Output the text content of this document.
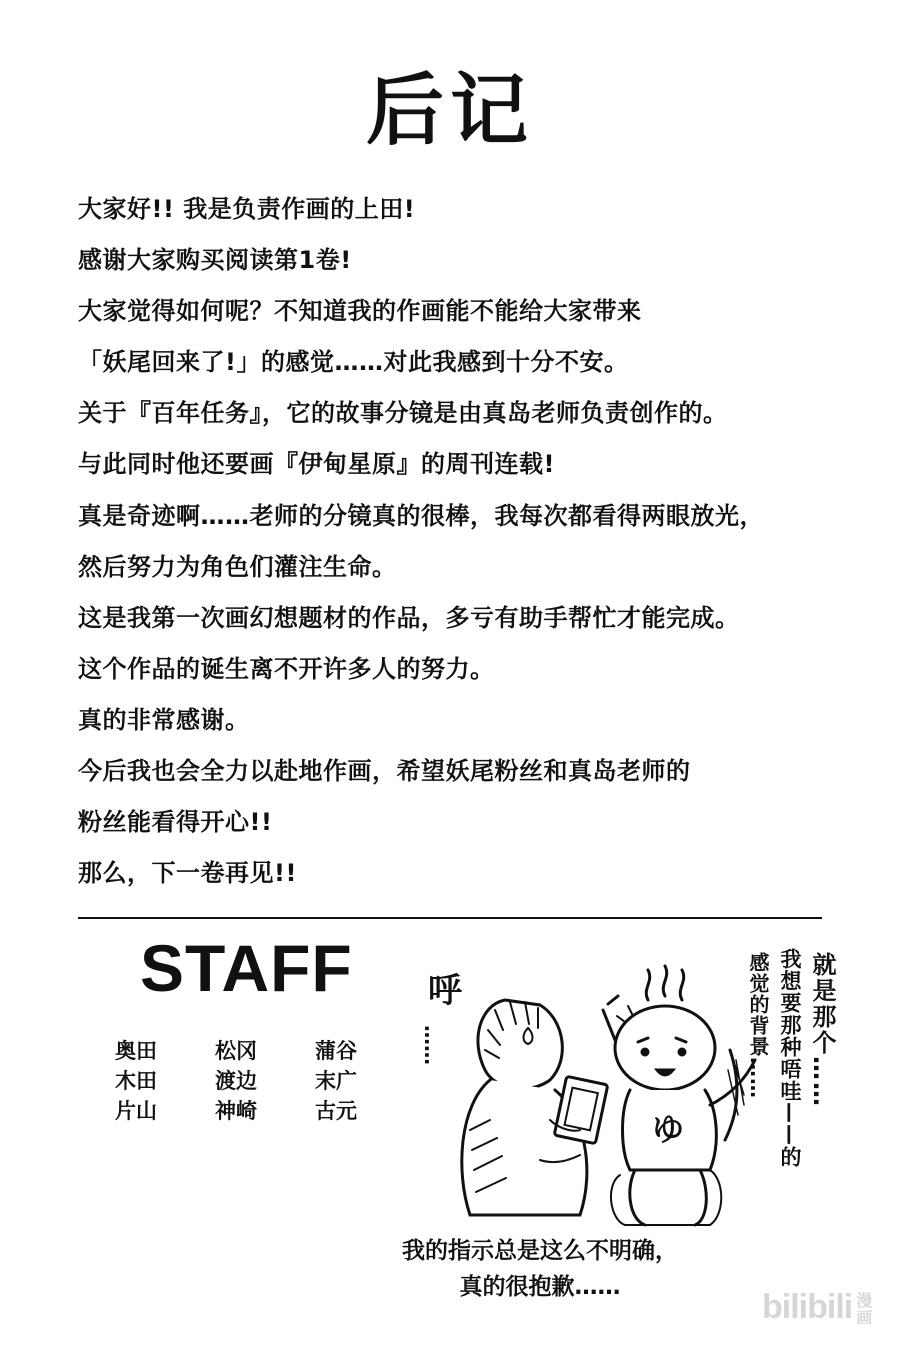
后记
大家好!! 我是负责作画的上田!
感谢大家购买阅读第1卷!
大家觉得如何呢？不知道我的作画能不能给大家带来
「妖尾回来了!」的感觉……对此我感到十分不安。
关于『百年任务』，它的故事分镜是由真岛老师负责创作的。
与此同时他还要画『伊甸星原』的周刊连载!
真是奇迹啊……老师的分镜真的很棒，我每次都看得两眼放光，
然后努力为角色们灌注生命。
这是我第一次画幻想题材的作品，多亏有助手帮忙才能完成。
这个作品的诞生离不开许多人的努力。
真的非常感谢。
今后我也会全力以赴地作画，希望妖尾粉丝和真岛老师的
粉丝能看得开心!!
那么，下一卷再见!!
STAFF
奥田	松冈	蒲谷
木田	渡边	末广
片山	神崎	古元
呼
……
ゆ
就是那个……
我想要那种唔哇——的
感觉的背景……
我的指示总是这么不明确，
真的很抱歉……
bilibili 漫画
